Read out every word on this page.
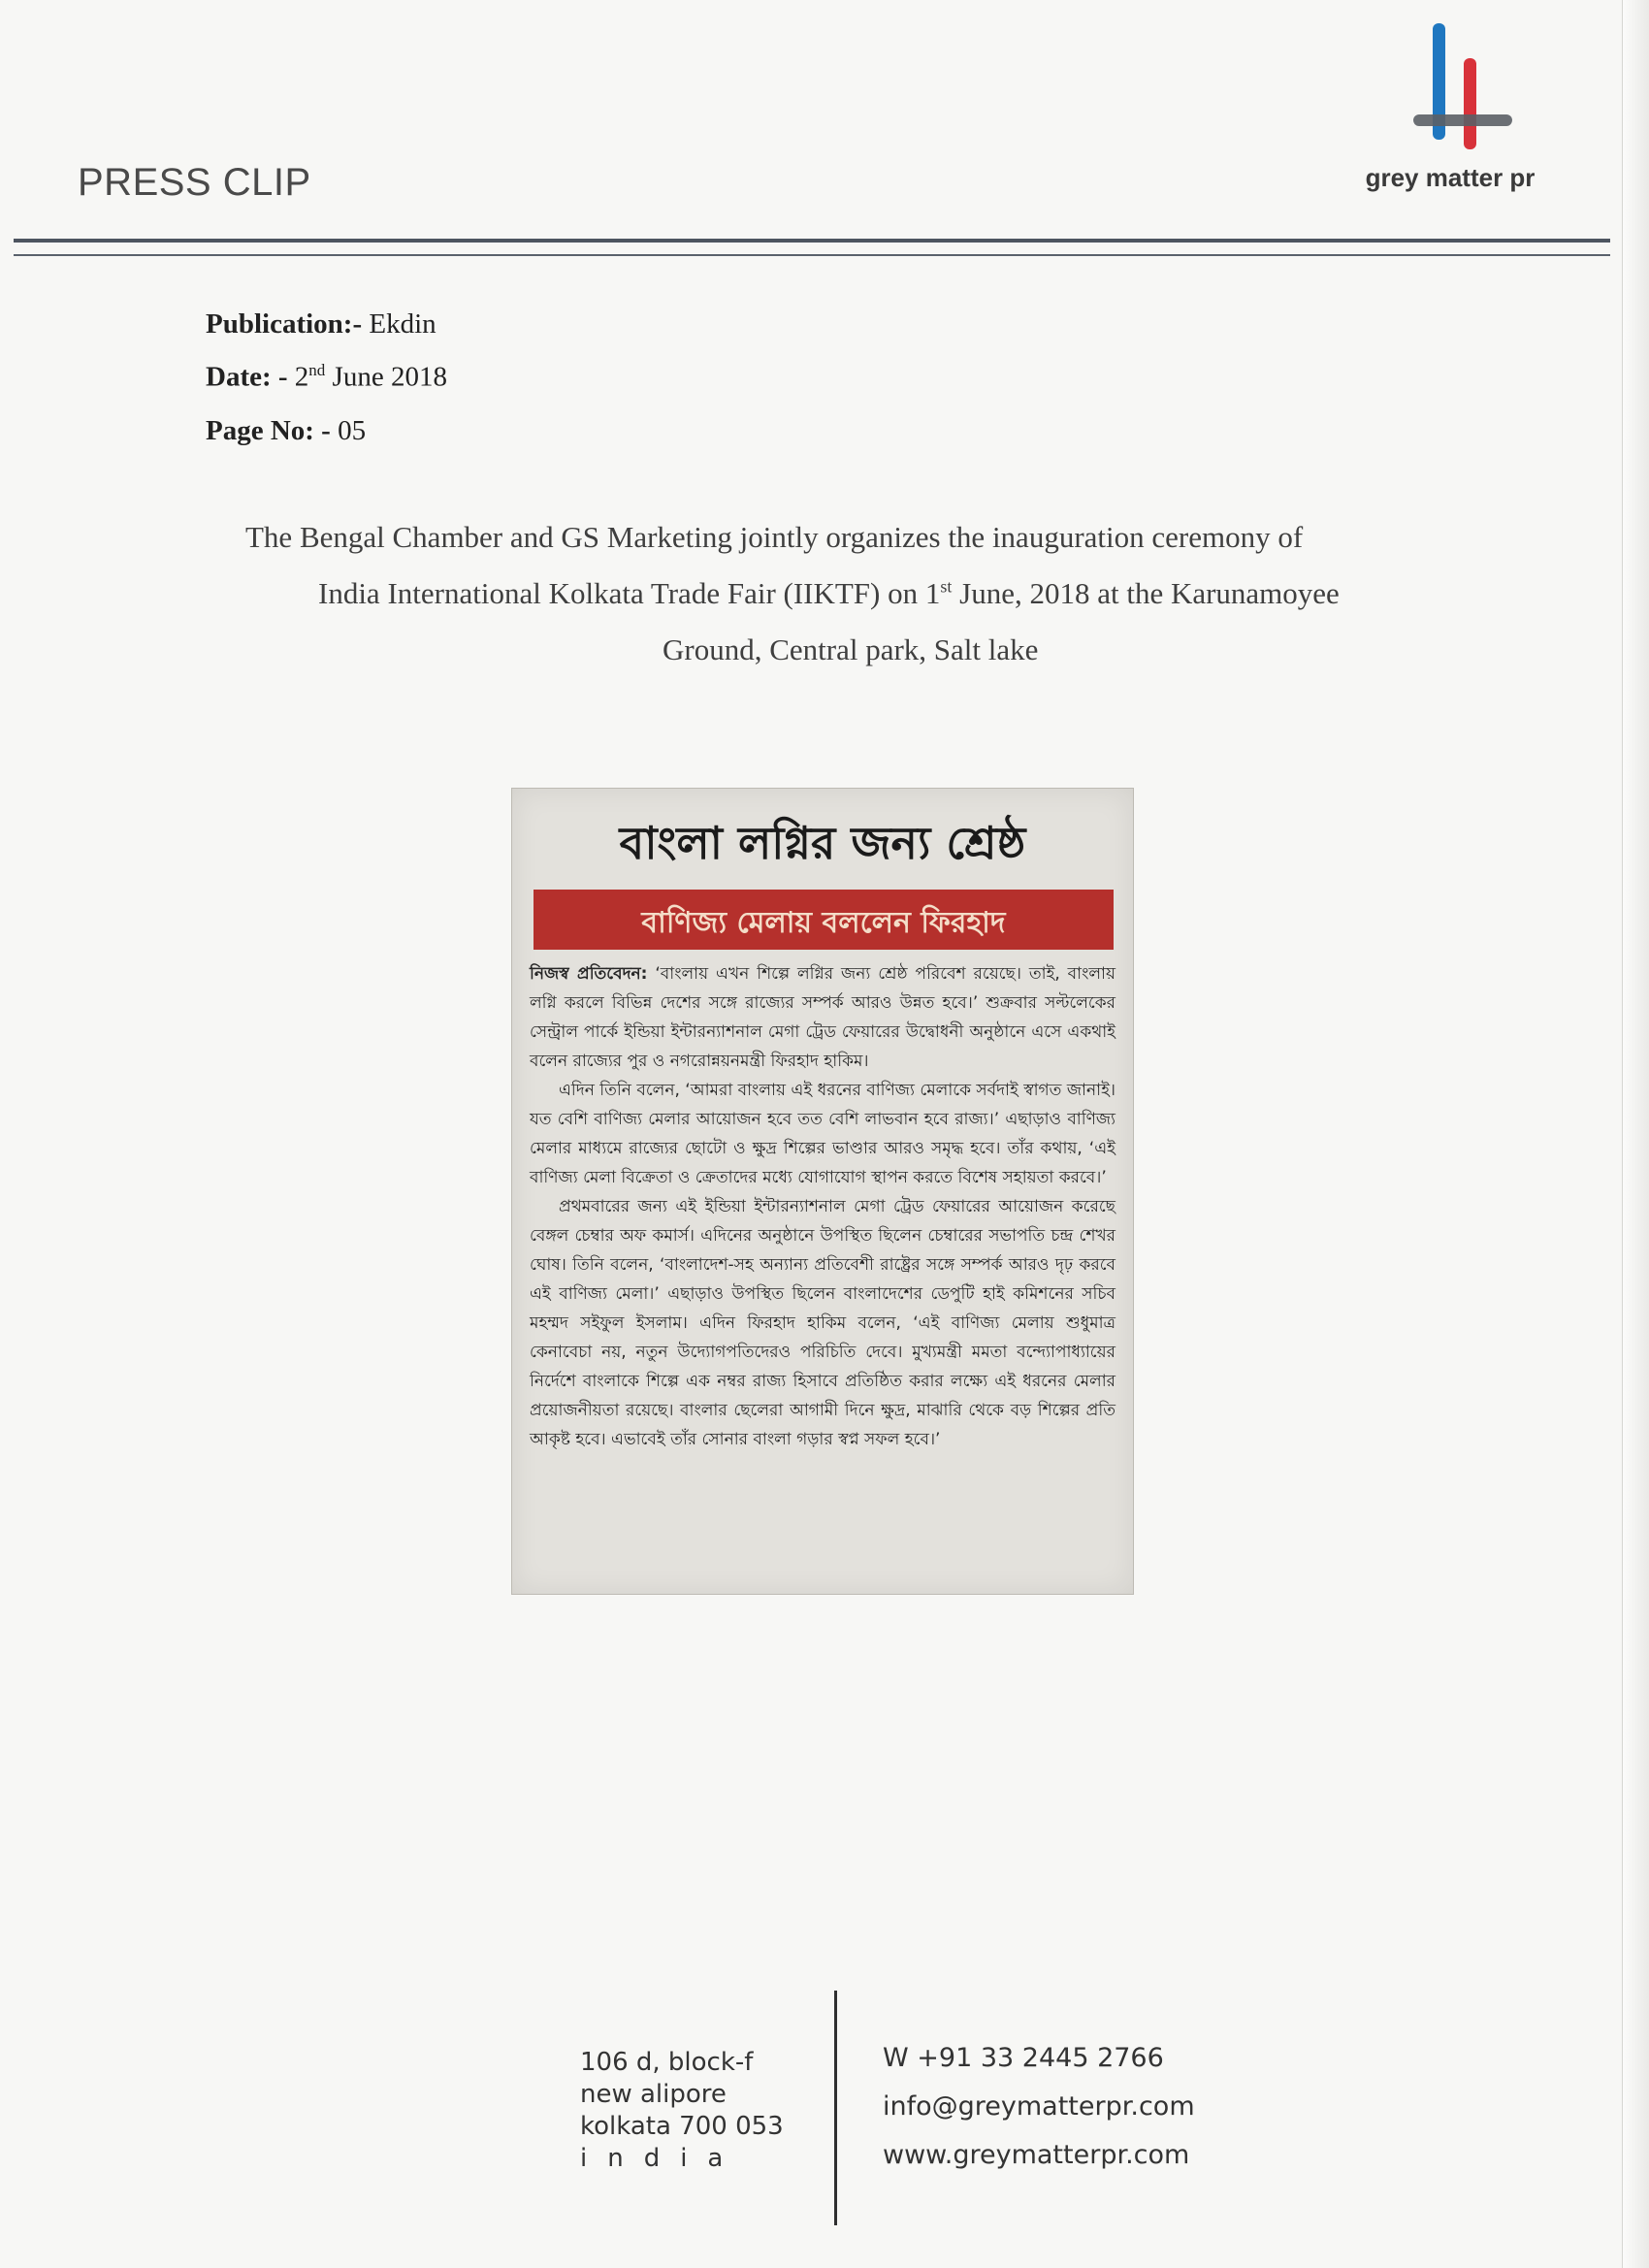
PRESS CLIP	grey matter pr
Publication:- Ekdin
Date: - 2nd June 2018
Page No: - 05
The Bengal Chamber and GS Marketing jointly organizes the inauguration ceremony of
India International Kolkata Trade Fair (IIKTF) on 1st June, 2018 at the Karunamoyee
Ground, Central park, Salt lake
বাংলা লগ্নির জন্য শ্রেষ্ঠ
বাণিজ্য মেলায় বললেন ফিরহাদ

নিজস্ব প্রতিবেদন: ‘বাংলায় এখন শিল্পে লগ্নির জন্য শ্রেষ্ঠ পরিবেশ রয়েছে। তাই, বাংলায় লগ্নি করলে বিভিন্ন দেশের সঙ্গে রাজ্যের সম্পর্ক আরও উন্নত হবে।’ শুক্রবার সল্টলেকের সেন্ট্রাল পার্কে ইন্ডিয়া ইন্টারন্যাশনাল মেগা ট্রেড ফেয়ারের উদ্বোধনী অনুষ্ঠানে এসে একথাই বলেন রাজ্যের পুর ও নগরোন্নয়নমন্ত্রী ফিরহাদ হাকিম।

এদিন তিনি বলেন, ‘আমরা বাংলায় এই ধরনের বাণিজ্য মেলাকে সর্বদাই স্বাগত জানাই। যত বেশি বাণিজ্য মেলার আয়োজন হবে তত বেশি লাভবান হবে রাজ্য।’ এছাড়াও বাণিজ্য মেলার মাধ্যমে রাজ্যের ছোটো ও ক্ষুদ্র শিল্পের ভাণ্ডার আরও সমৃদ্ধ হবে। তাঁর কথায়, ‘এই বাণিজ্য মেলা বিক্রেতা ও ক্রেতাদের মধ্যে যোগাযোগ স্থাপন করতে বিশেষ সহায়তা করবে।’

প্রথমবারের জন্য এই ইন্ডিয়া ইন্টারন্যাশনাল মেগা ট্রেড ফেয়ারের আয়োজন করেছে বেঙ্গল চেম্বার অফ কমার্স। এদিনের অনুষ্ঠানে উপস্থিত ছিলেন চেম্বারের সভাপতি চন্দ্র শেখর ঘোষ। তিনি বলেন, ‘বাংলাদেশ-সহ অন্যান্য প্রতিবেশী রাষ্ট্রের সঙ্গে সম্পর্ক আরও দৃঢ় করবে এই বাণিজ্য মেলা।’ এছাড়াও উপস্থিত ছিলেন বাংলাদেশের ডেপুটি হাই কমিশনের সচিব মহম্মদ সইফুল ইসলাম। এদিন ফিরহাদ হাকিম বলেন, ‘এই বাণিজ্য মেলায় শুধুমাত্র কেনাবেচা নয়, নতুন উদ্যোগপতিদেরও পরিচিতি দেবে। মুখ্যমন্ত্রী মমতা বন্দ্যোপাধ্যায়ের নির্দেশে বাংলাকে শিল্পে এক নম্বর রাজ্য হিসাবে প্রতিষ্ঠিত করার লক্ষ্যে এই ধরনের মেলার প্রয়োজনীয়তা রয়েছে। বাংলার ছেলেরা আগামী দিনে ক্ষুদ্র, মাঝারি থেকে বড় শিল্পের প্রতি আকৃষ্ট হবে। এভাবেই তাঁর সোনার বাংলা গড়ার স্বপ্ন সফল হবে।’

106 d, block-f
new alipore
kolkata 700 053
india
W +91 33 2445 2766
info@greymatterpr.com
www.greymatterpr.com
